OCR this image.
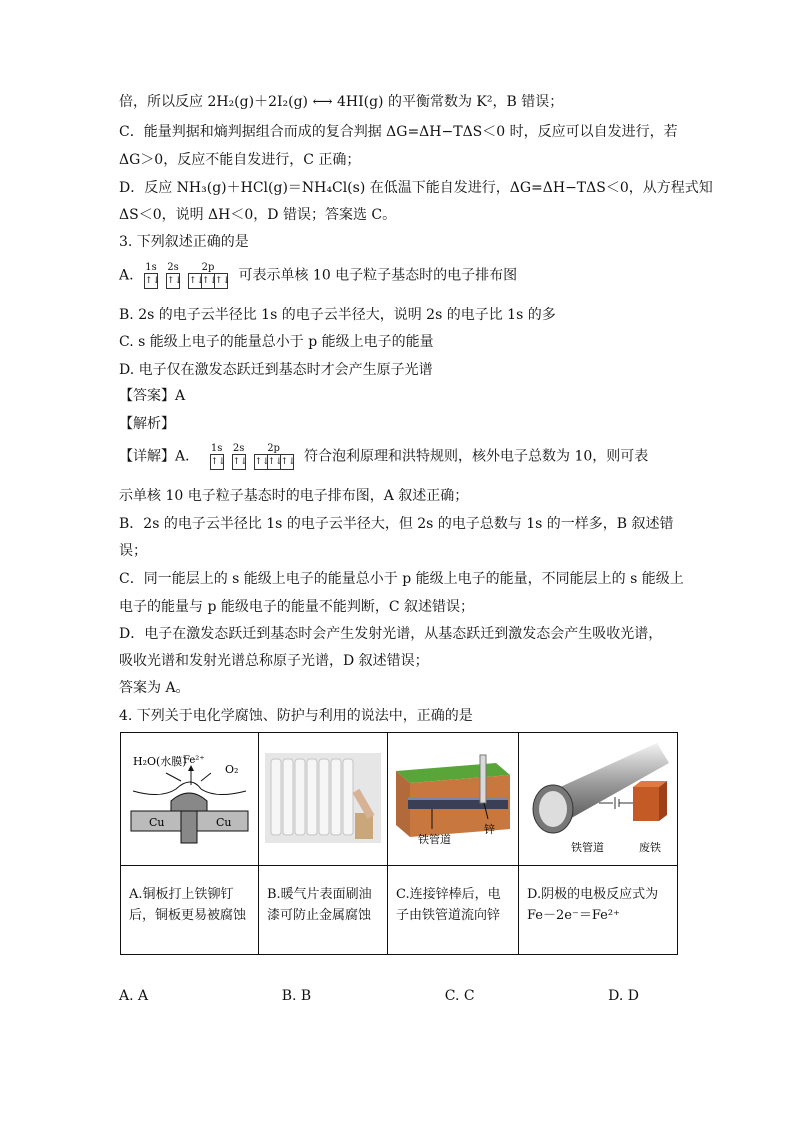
倍，所以反应 2H₂(g)＋2I₂(g) ⟷ 4HI(g) 的平衡常数为 K²，B 错误；
C．能量判据和熵判据组合而成的复合判据 ΔG=ΔH−TΔS＜0 时，反应可以自发进行，若
ΔG＞0，反应不能自发进行，C 正确；
D．反应 NH₃(g)＋HCl(g)＝NH₄Cl(s) 在低温下能自发进行，ΔG=ΔH−TΔS＜0，从方程式知
ΔS＜0，说明 ΔH＜0，D 错误；答案选 C。
3. 下列叙述正确的是
A. 1s
↑↓
2s
↑↓
2p
↑↓
↑↓
↑↓ 可表示单核 10 电子粒子基态时的电子排布图
B. 2s 的电子云半径比 1s 的电子云半径大，说明 2s 的电子比 1s 的多
C. s 能级上电子的能量总小于 p 能级上电子的能量
D. 电子仅在激发态跃迁到基态时才会产生原子光谱
【答案】A
【解析】
【详解】A． 1s
↑↓
2s
↑↓
2p
↑↓
↑↓
↑↓ 符合泡利原理和洪特规则，核外电子总数为 10，则可表
示单核 10 电子粒子基态时的电子排布图，A 叙述正确；
B．2s 的电子云半径比 1s 的电子云半径大，但 2s 的电子总数与 1s 的一样多，B 叙述错
误；
C．同一能层上的 s 能级上电子的能量总小于 p 能级上电子的能量，不同能层上的 s 能级上
电子的能量与 p 能级电子的能量不能判断，C 叙述错误；
D．电子在激发态跃迁到基态时会产生发射光谱，从基态跃迁到激发态会产生吸收光谱，
吸收光谱和发射光谱总称原子光谱，D 叙述错误；
答案为 A。
4. 下列关于电化学腐蚀、防护与利用的说法中，正确的是
H₂O(水膜)
O₂
Fe²⁺
Cu Cu		铁管道
锌	铁管道 废铁

A.铜板打上铁铆钉后，铜板更易被腐蚀	B.暖气片表面刷油漆可防止金属腐蚀	C.连接锌棒后，电子由铁管道流向锌	D.阴极的电极反应式为 Fe－2e⁻＝Fe²⁺
A. A	B. B	C. C	D. D
